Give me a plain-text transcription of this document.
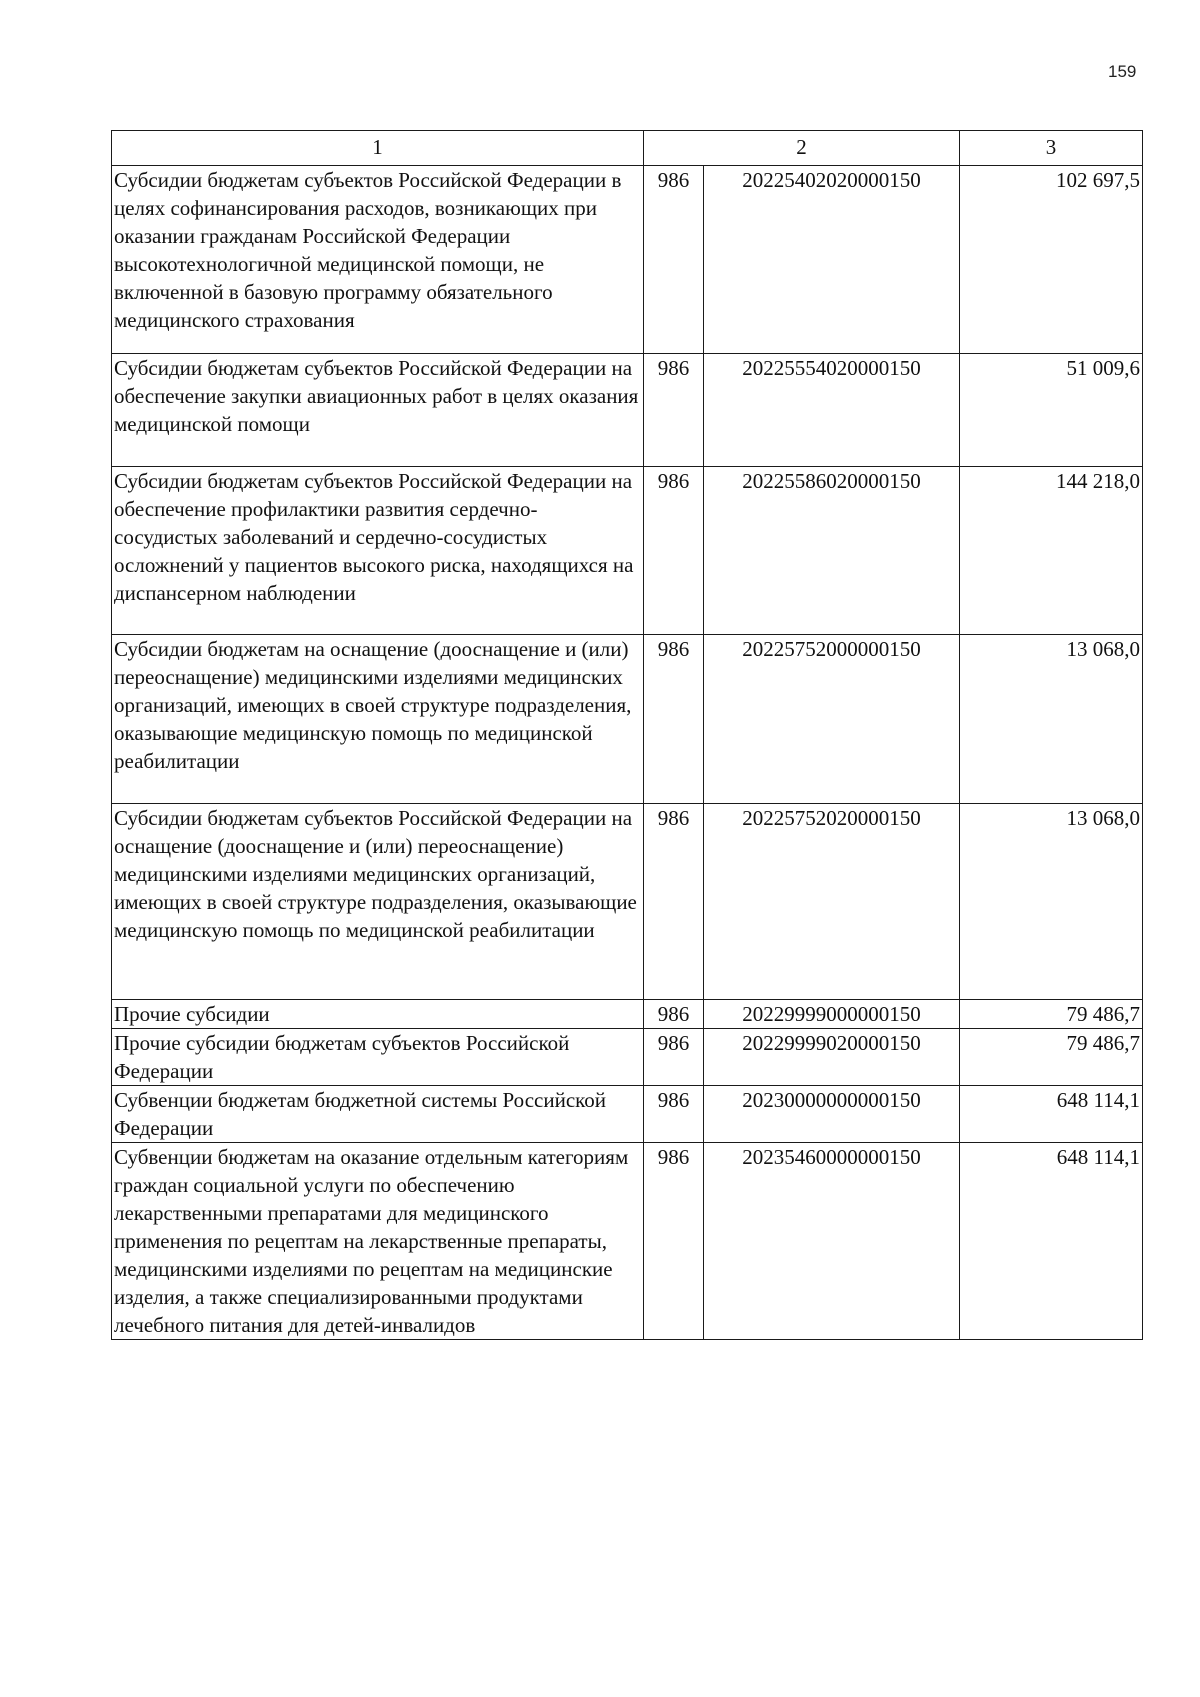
159
1	2		3
Субсидии бюджетам субъектов Российской Федерации в целях софинансирования расходов, возникающих при оказании гражданам Российской Федерации высокотехнологичной медицинской помощи, не включенной в базовую программу обязательного медицинского страхования	986	20225402020000150	102 697,5
Субсидии бюджетам субъектов Российской Федерации на обеспечение закупки авиационных работ в целях оказания медицинской помощи	986	20225554020000150	51 009,6
Субсидии бюджетам субъектов Российской Федерации на обеспечение профилактики развития сердечно-сосудистых заболеваний и сердечно-сосудистых осложнений у пациентов высокого риска, находящихся на диспансерном наблюдении	986	20225586020000150	144 218,0
Субсидии бюджетам на оснащение (дооснащение и (или) переоснащение) медицинскими изделиями медицинских организаций, имеющих в своей структуре подразделения, оказывающие медицинскую помощь по медицинской реабилитации	986	20225752000000150	13 068,0
Субсидии бюджетам субъектов Российской Федерации на оснащение (дооснащение и (или) переоснащение) медицинскими изделиями медицинских организаций, имеющих в своей структуре подразделения, оказывающие медицинскую помощь по медицинской реабилитации	986	20225752020000150	13 068,0
Прочие субсидии	986	20229999000000150	79 486,7
Прочие субсидии бюджетам субъектов Российской Федерации	986	20229999020000150	79 486,7
Субвенции бюджетам бюджетной системы Российской Федерации	986	20230000000000150	648 114,1
Субвенции бюджетам на оказание отдельным категориям граждан социальной услуги по обеспечению лекарственными препаратами для медицинского применения по рецептам на лекарственные препараты, медицинскими изделиями по рецептам на медицинские изделия, а также специализированными продуктами лечебного питания для детей-инвалидов	986	20235460000000150	648 114,1
